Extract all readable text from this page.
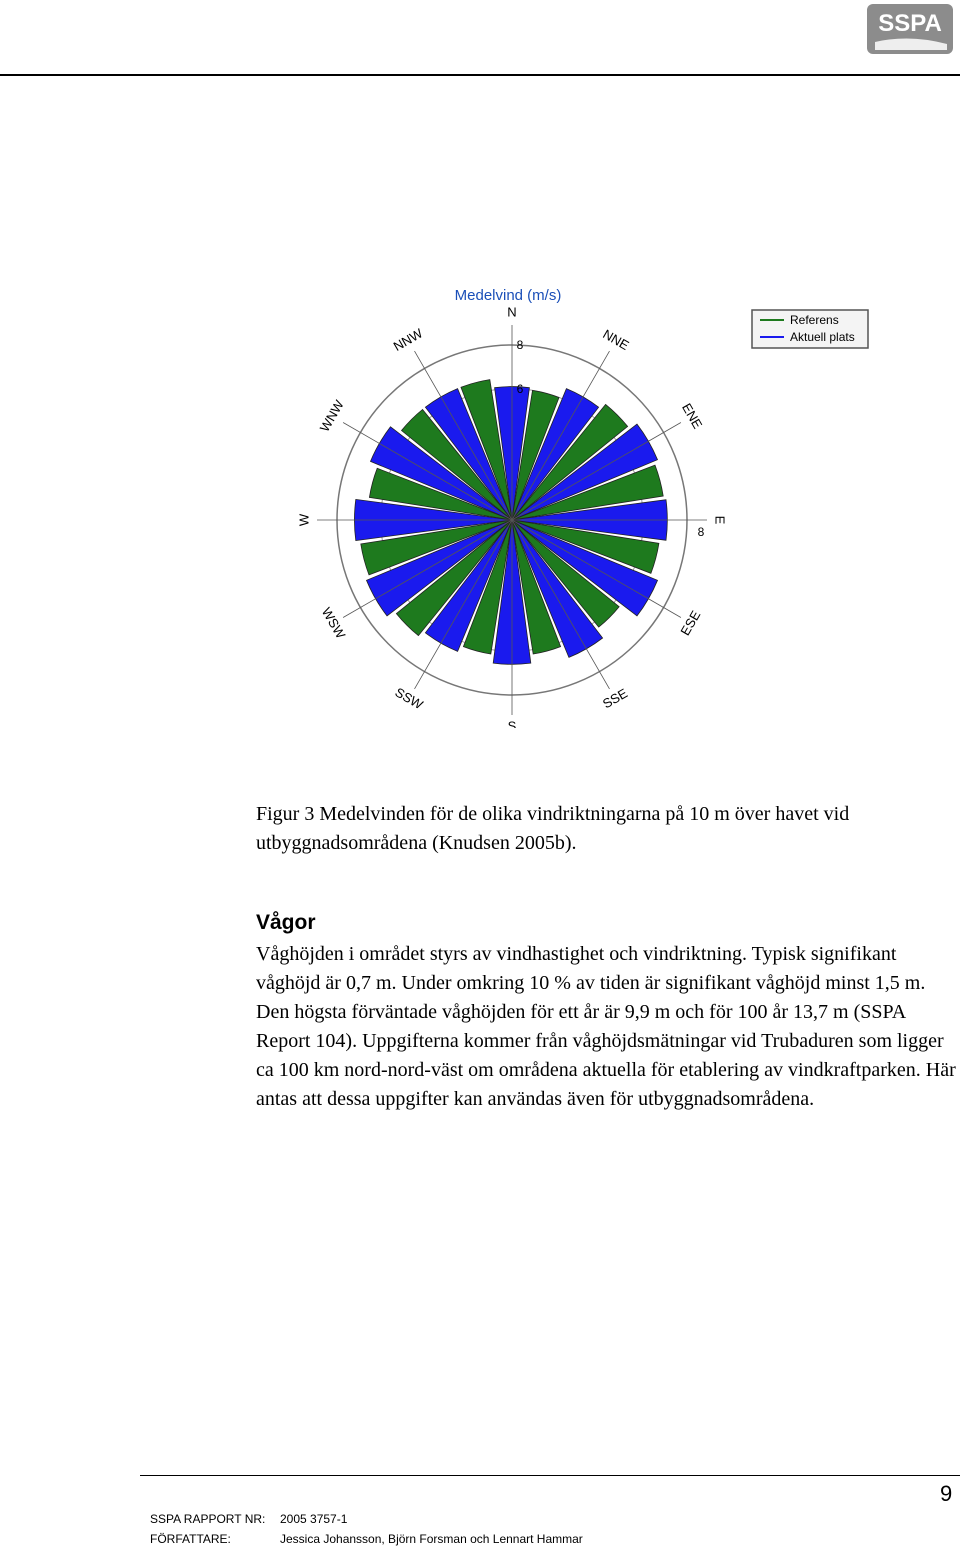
SSPA
Medelvind (m/s)
N
NNE
ENE
E
ESE
SSE
S
SSW
WSW
W
WNW
NNW
6
8
8
Referens
Aktuell plats
Figur 3 Medelvinden för de olika vindriktningarna på 10 m över havet vid utbyggnadsområdena (Knudsen 2005b).
Vågor
Våghöjden i området styrs av vindhastighet och vindriktning. Typisk signifikant våghöjd är 0,7 m. Under omkring 10 % av tiden är signifikant våghöjd minst 1,5 m. Den högsta förväntade våghöjden för ett år är 9,9 m och för 100 år 13,7 m (SSPA Report 104). Uppgifterna kommer från våghöjdsmätningar vid Trubaduren som ligger ca 100 km nord-nord-väst om områdena aktuella för etablering av vindkraftparken. Här antas att dessa uppgifter kan användas även för utbyggnadsområdena.
9
SSPA RAPPORT NR: 2005 3757-1
FÖRFATTARE:	Jessica Johansson, Björn Forsman och Lennart Hammar
